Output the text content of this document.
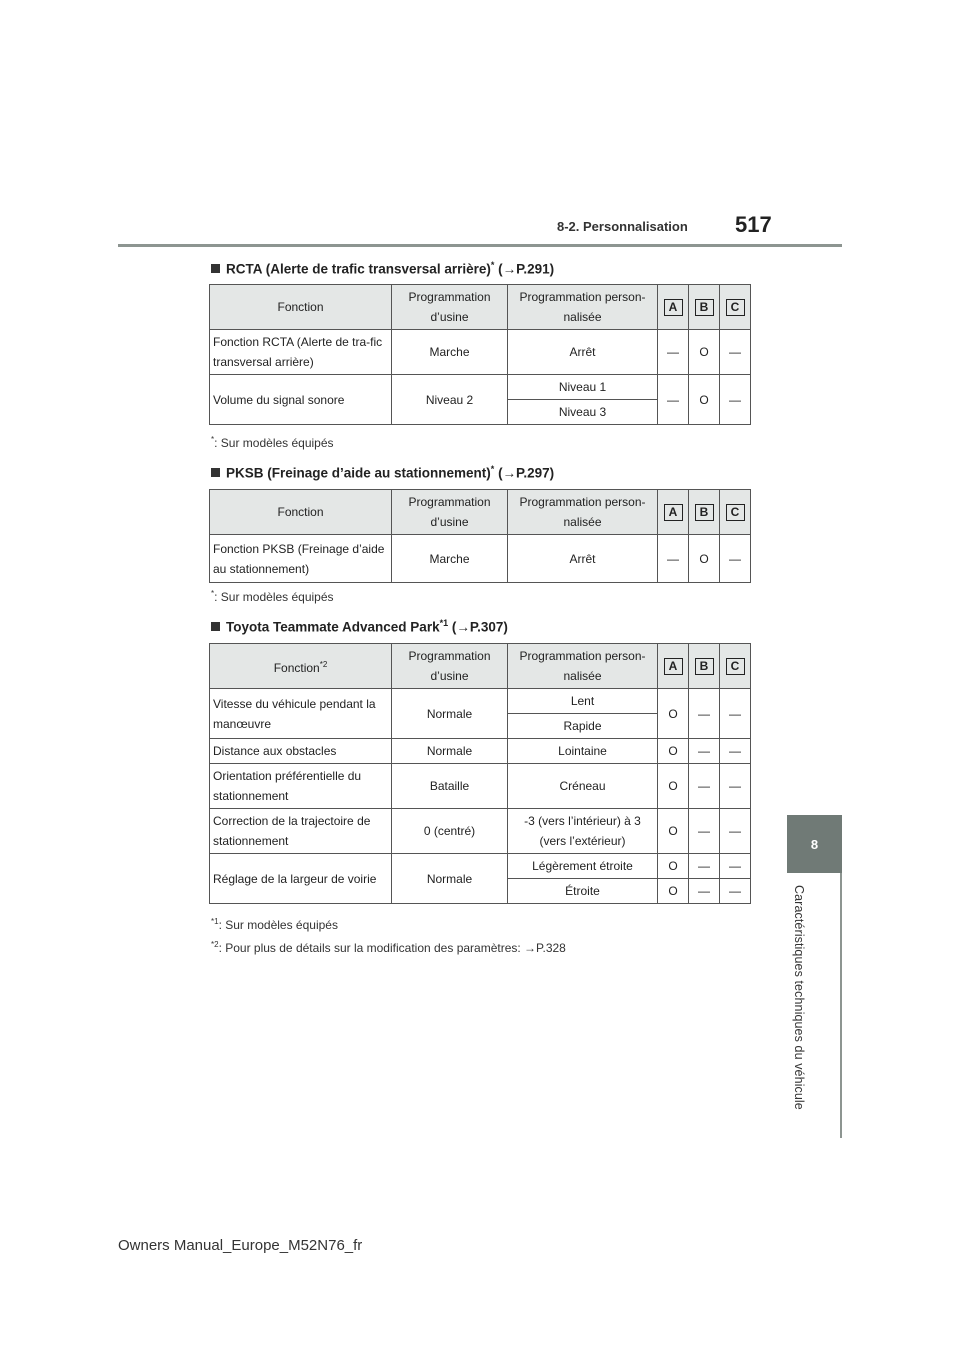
8-2. Personnalisation 517
8
Caractéristiques techniques du véhicule
RCTA (Alerte de trafic transversal arrière)* (→P.291)
Fonction	Programmation d’usine	Programmation person-nalisée	A	B	C
Fonction RCTA (Alerte de tra-fic transversal arrière)	Marche	Arrêt	—	O	—
Volume du signal sonore	Niveau 2	Niveau 1	—	O	—
		Niveau 3			
*: Sur modèles équipés
PKSB (Freinage d’aide au stationnement)* (→P.297)
Fonction	Programmation d’usine	Programmation person-nalisée	A	B	C
Fonction PKSB (Freinage d’aide au stationnement)	Marche	Arrêt	—	O	—
*: Sur modèles équipés
Toyota Teammate Advanced Park$^{*1}$ (→P.307)
Fonction$^{*2}$	Programmation d’usine	Programmation person-nalisée	A	B	C
Vitesse du véhicule pendant la manœuvre	Normale	Lent	O	—	—
		Rapide			
Distance aux obstacles	Normale	Lointaine	O	—	—
Orientation préférentielle du stationnement	Bataille	Créneau	O	—	—
Correction de la trajectoire de stationnement	0 (centré)	-3 (vers l’intérieur) à 3 (vers l’extérieur)	O	—	—
Réglage de la largeur de voirie	Normale	Légèrement étroite	O	—	—
		Étroite	O	—	—
$^{*1}$: Sur modèles équipés
$^{*2}$: Pour plus de détails sur la modification des paramètres: →P.328
Owners Manual_Europe_M52N76_fr
